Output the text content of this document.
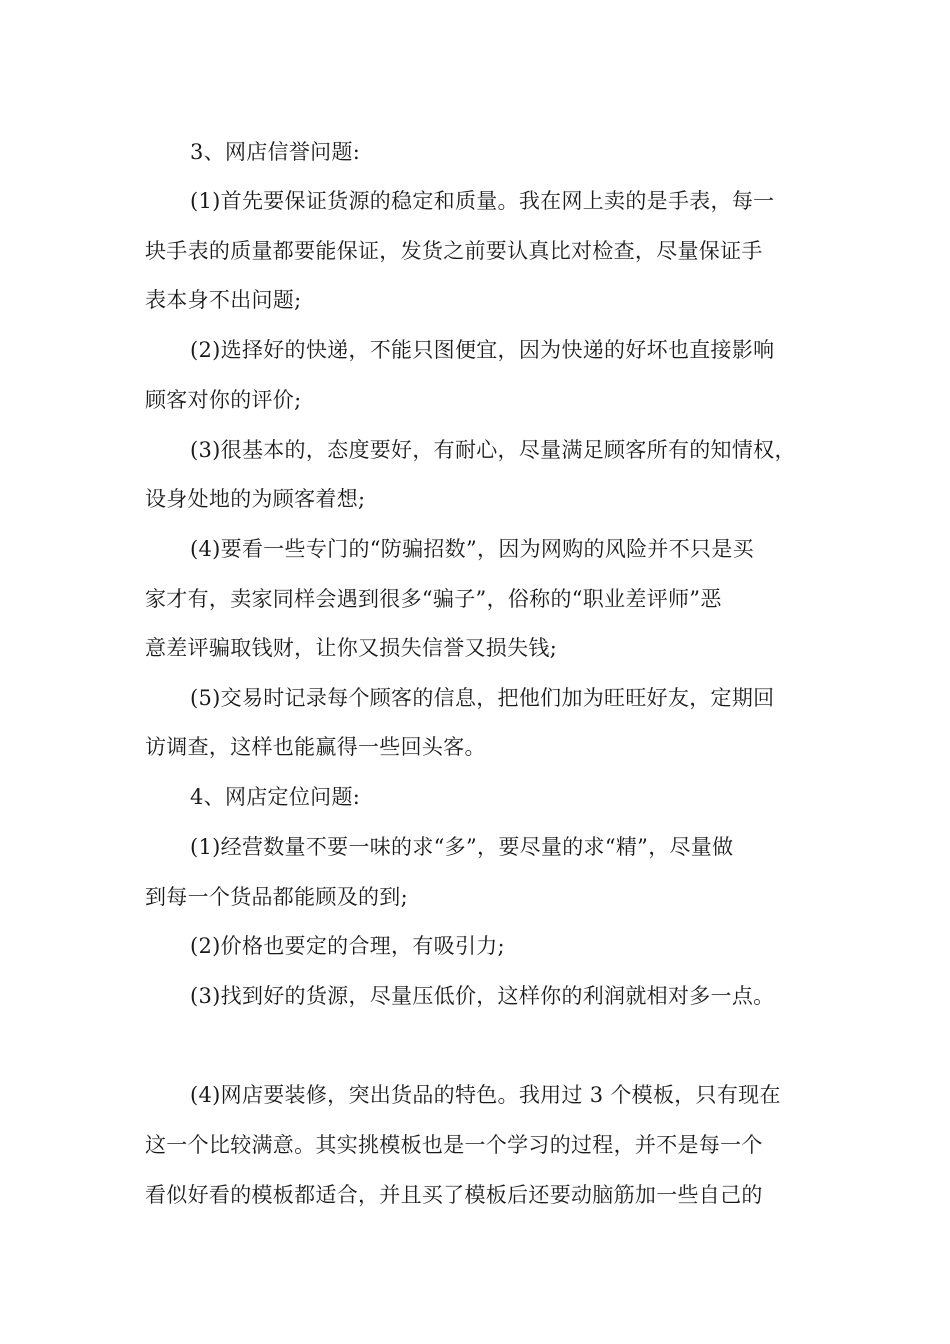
3、网店信誉问题:
(1)首先要保证货源的稳定和质量。我在网上卖的是手表，每一
块手表的质量都要能保证，发货之前要认真比对检查，尽量保证手
表本身不出问题;
(2)选择好的快递，不能只图便宜，因为快递的好坏也直接影响
顾客对你的评价;
(3)很基本的，态度要好，有耐心，尽量满足顾客所有的知情权，
设身处地的为顾客着想;
(4)要看一些专门的“防骗招数”，因为网购的风险并不只是买
家才有，卖家同样会遇到很多“骗子”，俗称的“职业差评师”恶
意差评骗取钱财，让你又损失信誉又损失钱;
(5)交易时记录每个顾客的信息，把他们加为旺旺好友，定期回
访调查，这样也能赢得一些回头客。
4、网店定位问题:
(1)经营数量不要一味的求“多”，要尽量的求“精”，尽量做
到每一个货品都能顾及的到;
(2)价格也要定的合理，有吸引力;
(3)找到好的货源，尽量压低价，这样你的利润就相对多一点。
(4)网店要装修，突出货品的特色。我用过 3 个模板，只有现在
这一个比较满意。其实挑模板也是一个学习的过程，并不是每一个
看似好看的模板都适合，并且买了模板后还要动脑筋加一些自己的
